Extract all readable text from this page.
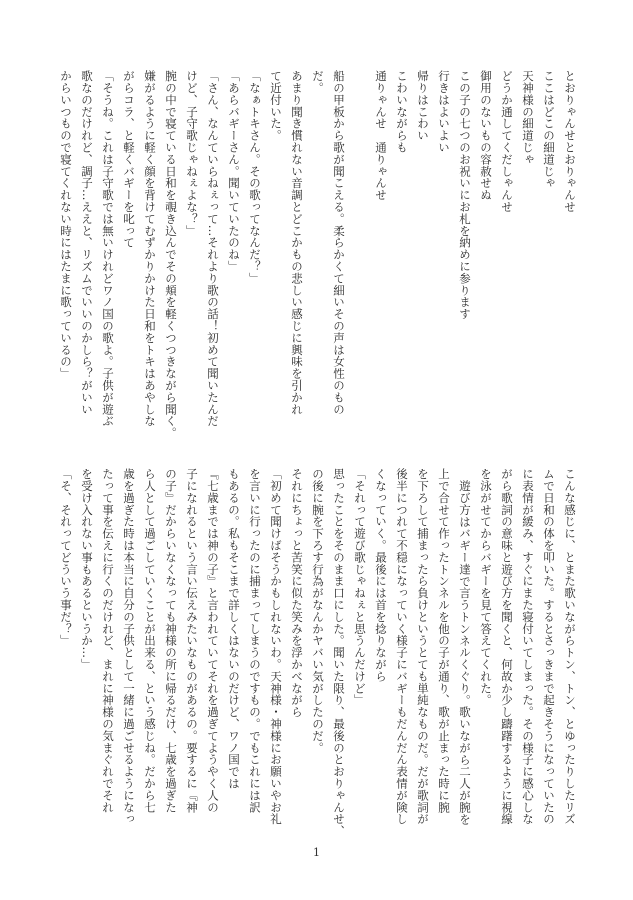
とおりゃんせとおりゃんせ
ここはどこの細道じゃ
天神様の細道じゃ
どうか通してくだしゃんせ
御用のないもの容赦せぬ
この子の七つのお祝いにお札を納めに参ります
行きはよいよい
帰りはこわい
こわいながらも
通りゃんせ　通りゃんせ
船の甲板から歌が聞こえる。柔らかくて細いその声は女性のもの
だ。
あまり聞き慣れない音調とどこかもの悲しい感じに興味を引かれ
て近付いた。
「なぁトキさん。その歌ってなんだ？」
「あらバギーさん。聞いていたのね」
「さん、なんていらねぇって…それより歌の話！初めて聞いたんだ
けど、子守歌じゃねぇよな？」
腕の中で寝ている日和を覗き込んでその頬を軽くつつきながら聞く。
嫌がるように軽く顔を背けてむずかりかけた日和をトキはあやしな
がらコラ、と軽くバギーを叱って
「そうね。これは子守歌では無いけれどワノ国の歌よ。子供が遊ぶ
歌なのだけれど、調子…ええと、リズムでいいのかしら？がいい
からいつもので寝てくれない時にはたまに歌っているの」
こんな感じに、とまた歌いながらトン、トン、とゆったりしたリズ
ムで日和の体を叩いた。するとさっきまで起きそうになっていたの
に表情が緩み、すぐにまた寝付いてしまった。その様子に感心しな
がら歌詞の意味と遊び方を聞くと、何故か少し躊躇するように視線
を泳がせてからバギーを見て答えてくれた。
遊び方はバギー達で言うトンネルくぐり。歌いながら二人が腕を
上で合せて作ったトンネルを他の子が通り、歌が止まった時に腕
を下ろして捕まったら負けというとても単純なものだ。だが歌詞が
後半につれて不穏になっていく様子にバギーもだんだん表情が険し
くなっていく。最後には首を捻りながら
「それって遊び歌じゃねぇと思うんだけど」
思ったことをそのまま口にした。聞いた限り、最後のとおりゃんせ、
の後に腕を下ろす行為がなんかヤバい気がしたのだ。
それにちょっと苦笑に似た笑みを浮かべながら
「初めて聞けばそうかもしれないわ。天神様・神様にお願いやお礼
を言いに行ったのに捕まってしまうのですもの。でもこれには訳
もあるの。私もそこまで詳しくはないのだけど、ワノ国では
『七歳までは神の子』と言われていてそれを過ぎてようやく人の
子になれるという言い伝えみたいなものがあるの。要するに『神
の子』だからいなくなっても神様の所に帰るだけ、七歳を過ぎた
ら人として過ごしていくことが出来る、という感じね。だから七
歳を過ぎた時は本当に自分の子供として一緒に過ごせるようになっ
たって事を伝えに行くのだけれど、まれに神様の気まぐれでそれ
を受け入れない事もあるというか…」
「そ、それってどういう事だ？」
1
